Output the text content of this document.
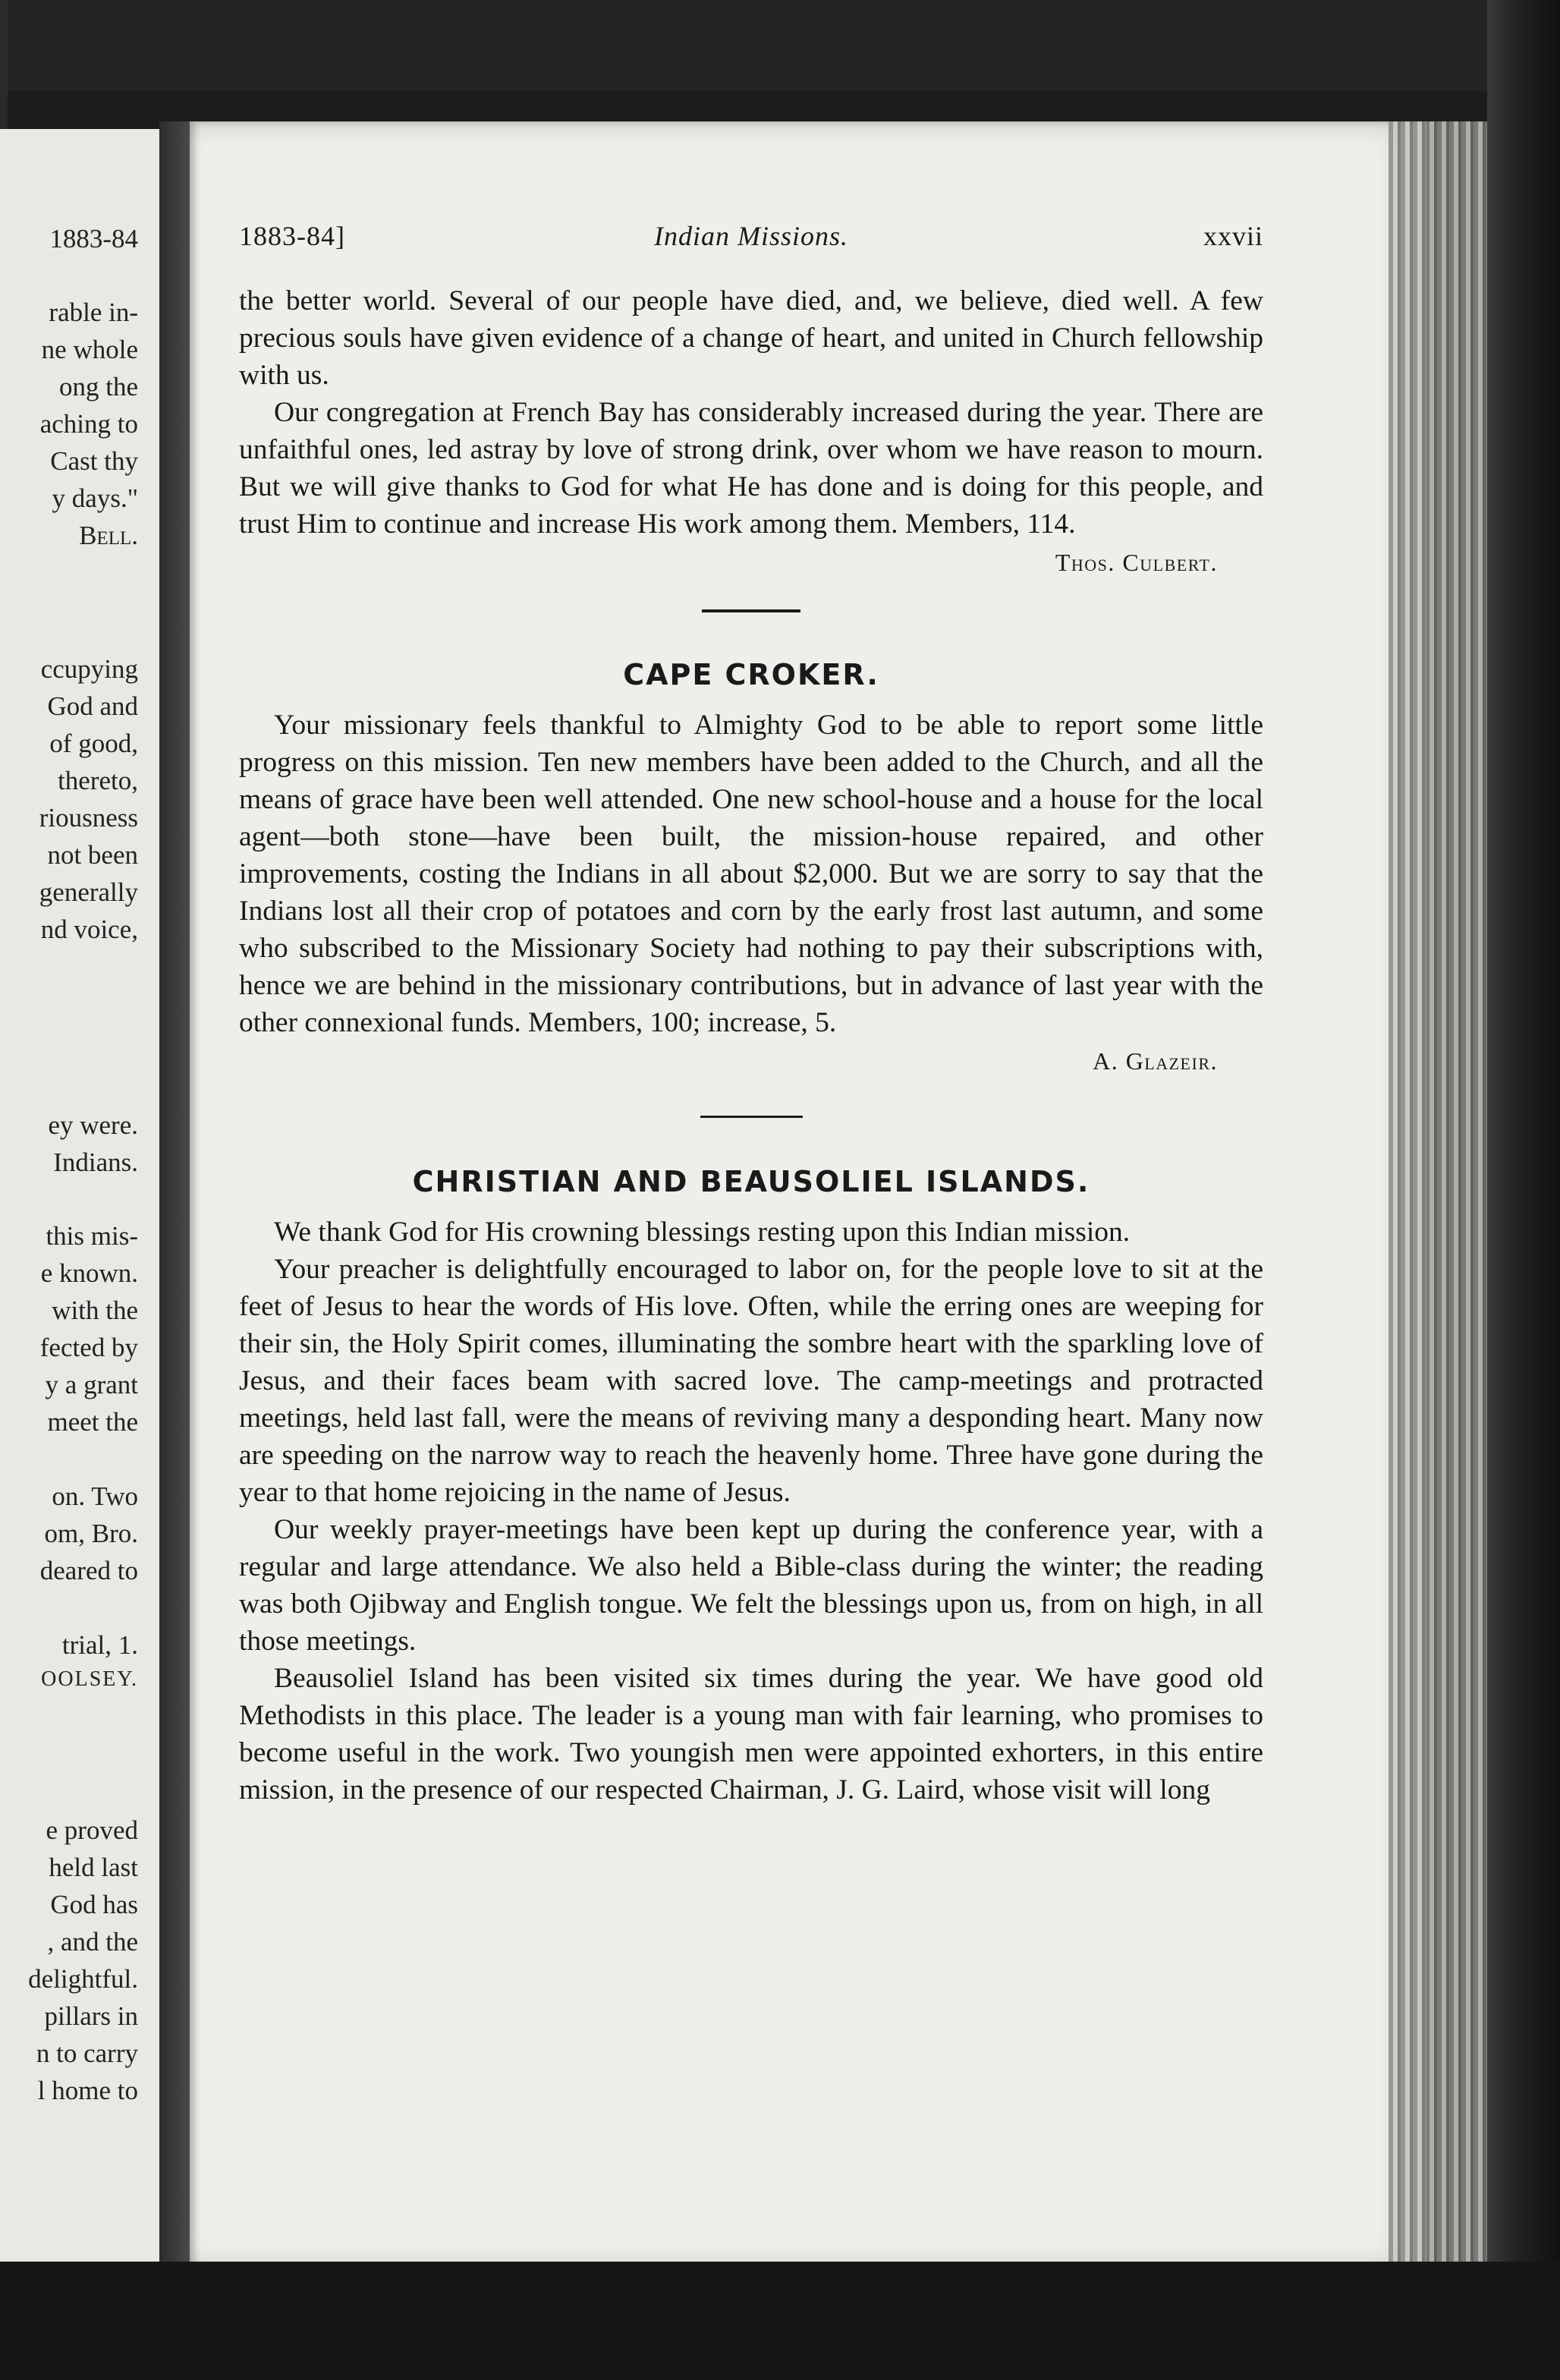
1883-84
rable in-
ne whole
ong the
aching to
Cast thy
y days."
Bell.
ccupying
God and
of good,
thereto,
riousness
not been
generally
nd voice,
ey were.
Indians.
this mis-
e known.
with the
fected by
y a grant
meet the
on. Two
om, Bro.
deared to
trial, 1.
OOLSEY.
e proved
held last
God has
, and the
delightful.
pillars in
n to carry
l home to
1883-84]	Indian Missions.	xxvii

the better world. Several of our people have died, and, we believe, died well. A few precious souls have given evidence of a change of heart, and united in Church fellowship with us.

Our congregation at French Bay has considerably increased during the year. There are unfaithful ones, led astray by love of strong drink, over whom we have reason to mourn. But we will give thanks to God for what He has done and is doing for this people, and trust Him to continue and increase His work among them. Members, 114.

Thos. Culbert.
CAPE CROKER.

Your missionary feels thankful to Almighty God to be able to report some little progress on this mission. Ten new members have been added to the Church, and all the means of grace have been well attended. One new school-house and a house for the local agent—both stone—have been built, the mission-house repaired, and other improvements, costing the Indians in all about $2,000. But we are sorry to say that the Indians lost all their crop of potatoes and corn by the early frost last autumn, and some who subscribed to the Missionary Society had nothing to pay their subscriptions with, hence we are behind in the missionary contributions, but in advance of last year with the other connexional funds. Members, 100; increase, 5.

A. Glazeir.
CHRISTIAN AND BEAUSOLIEL ISLANDS.

We thank God for His crowning blessings resting upon this Indian mission.

Your preacher is delightfully encouraged to labor on, for the people love to sit at the feet of Jesus to hear the words of His love. Often, while the erring ones are weeping for their sin, the Holy Spirit comes, illuminating the sombre heart with the sparkling love of Jesus, and their faces beam with sacred love. The camp-meetings and protracted meetings, held last fall, were the means of reviving many a desponding heart. Many now are speeding on the narrow way to reach the heavenly home. Three have gone during the year to that home rejoicing in the name of Jesus.

Our weekly prayer-meetings have been kept up during the conference year, with a regular and large attendance. We also held a Bible-class during the winter; the reading was both Ojibway and English tongue. We felt the blessings upon us, from on high, in all those meetings.

Beausoliel Island has been visited six times during the year. We have good old Methodists in this place. The leader is a young man with fair learning, who promises to become useful in the work. Two youngish men were appointed exhorters, in this entire mission, in the presence of our respected Chairman, J. G. Laird, whose visit will long
